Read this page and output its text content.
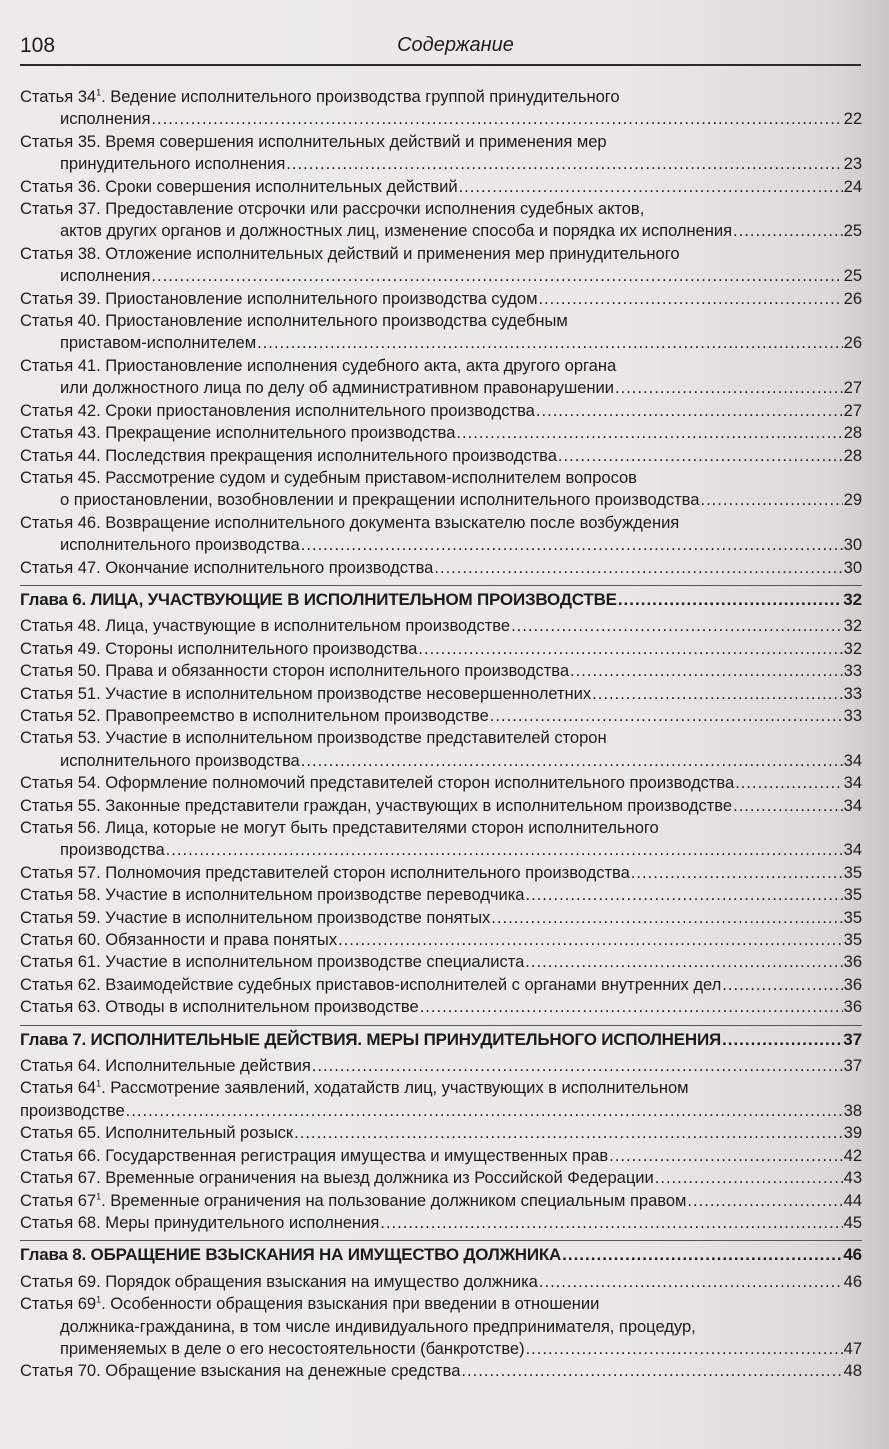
108	Содержание
Статья $34^1$. Ведение исполнительного производства группой принудительного
исполнения .....	22
Статья 35. Время совершения исполнительных действий и применения мер
принудительного исполнения .....	23
Статья 36. Сроки совершения исполнительных действий .....	24
Статья 37. Предоставление отсрочки или рассрочки исполнения судебных актов,
актов других органов и должностных лиц, изменение способа и порядка их исполнения .....	25
Статья 38. Отложение исполнительных действий и применения мер принудительного
исполнения .....	25
Статья 39. Приостановление исполнительного производства судом .....	26
Статья 40. Приостановление исполнительного производства судебным
приставом-исполнителем .....	26
Статья 41. Приостановление исполнения судебного акта, акта другого органа
или должностного лица по делу об административном правонарушении .....	27
Статья 42. Сроки приостановления исполнительного производства .....	27
Статья 43. Прекращение исполнительного производства .....	28
Статья 44. Последствия прекращения исполнительного производства .....	28
Статья 45. Рассмотрение судом и судебным приставом-исполнителем вопросов
о приостановлении, возобновлении и прекращении исполнительного производства .....	29
Статья 46. Возвращение исполнительного документа взыскателю после возбуждения
исполнительного производства .....	30
Статья 47. Окончание исполнительного производства .....	30
Глава 6. ЛИЦА, УЧАСТВУЮЩИЕ В ИСПОЛНИТЕЛЬНОМ ПРОИЗВОДСТВЕ .....	32
Статья 48. Лица, участвующие в исполнительном производстве .....	32
Статья 49. Стороны исполнительного производства .....	32
Статья 50. Права и обязанности сторон исполнительного производства .....	33
Статья 51. Участие в исполнительном производстве несовершеннолетних .....	33
Статья 52. Правопреемство в исполнительном производстве .....	33
Статья 53. Участие в исполнительном производстве представителей сторон
исполнительного производства .....	34
Статья 54. Оформление полномочий представителей сторон исполнительного производства .....	34
Статья 55. Законные представители граждан, участвующих в исполнительном производстве .....	34
Статья 56. Лица, которые не могут быть представителями сторон исполнительного
производства .....	34
Статья 57. Полномочия представителей сторон исполнительного производства .....	35
Статья 58. Участие в исполнительном производстве переводчика .....	35
Статья 59. Участие в исполнительном производстве понятых .....	35
Статья 60. Обязанности и права понятых .....	35
Статья 61. Участие в исполнительном производстве специалиста .....	36
Статья 62. Взаимодействие судебных приставов-исполнителей с органами внутренних дел .....	36
Статья 63. Отводы в исполнительном производстве .....	36
Глава 7. ИСПОЛНИТЕЛЬНЫЕ ДЕЙСТВИЯ. МЕРЫ ПРИНУДИТЕЛЬНОГО ИСПОЛНЕНИЯ .....	37
Статья 64. Исполнительные действия .....	37
Статья $64^1$. Рассмотрение заявлений, ходатайств лиц, участвующих в исполнительном
производстве .....	38
Статья 65. Исполнительный розыск .....	39
Статья 66. Государственная регистрация имущества и имущественных прав .....	42
Статья 67. Временные ограничения на выезд должника из Российской Федерации .....	43
Статья $67^1$. Временные ограничения на пользование должником специальным правом .....	44
Статья 68. Меры принудительного исполнения .....	45
Глава 8. ОБРАЩЕНИЕ ВЗЫСКАНИЯ НА ИМУЩЕСТВО ДОЛЖНИКА .....	46
Статья 69. Порядок обращения взыскания на имущество должника .....	46
Статья $69^1$. Особенности обращения взыскания при введении в отношении
должника-гражданина, в том числе индивидуального предпринимателя, процедур,
применяемых в деле о его несостоятельности (банкротстве) .....	47
Статья 70. Обращение взыскания на денежные средства .....	48
